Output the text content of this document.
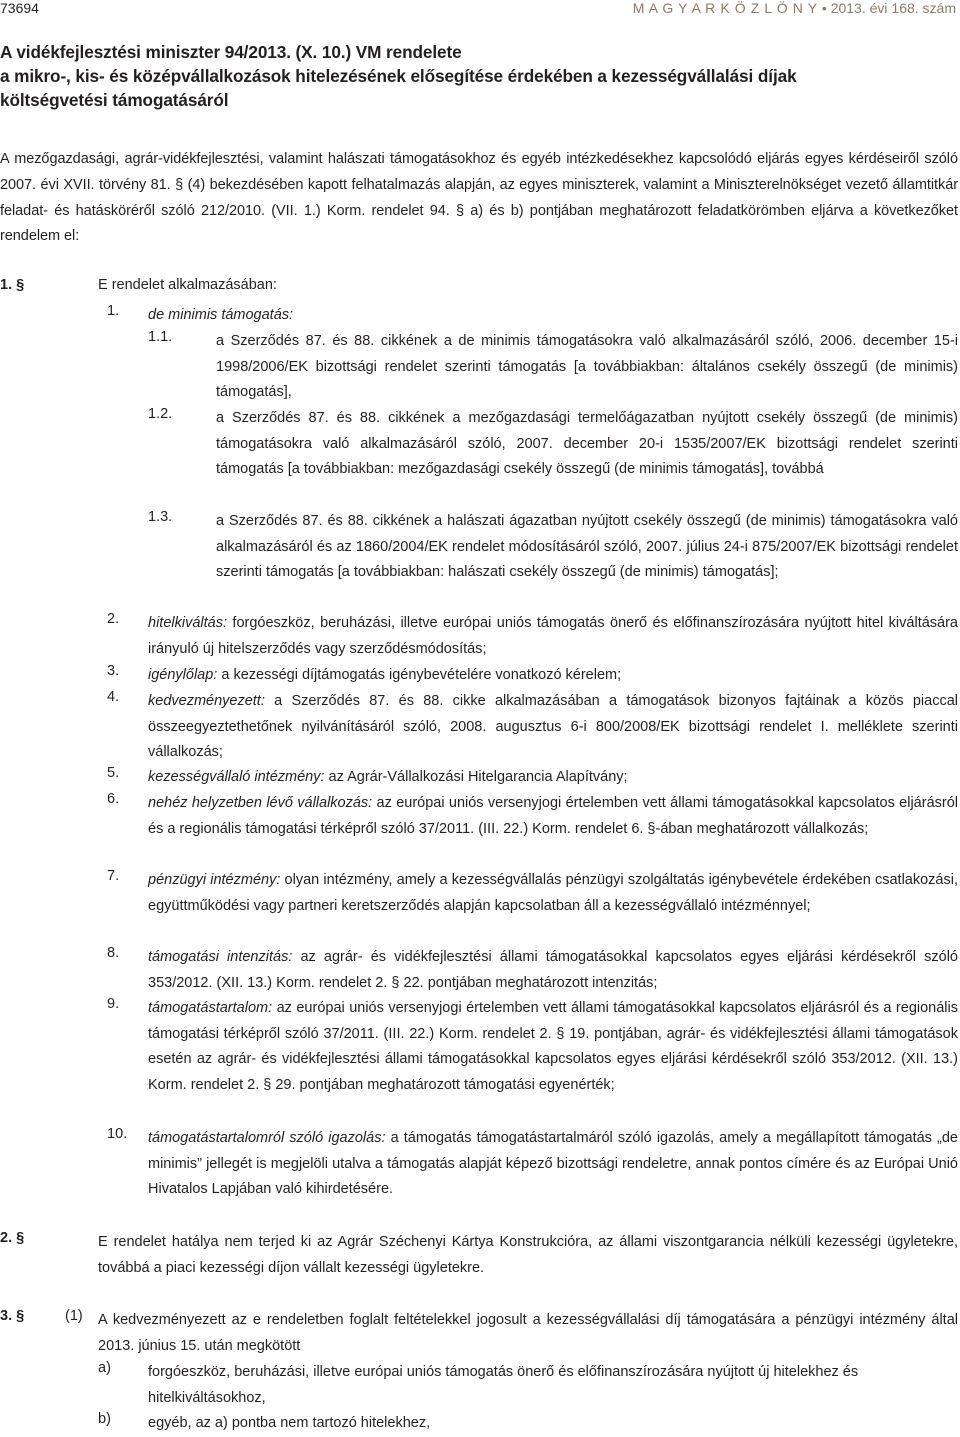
73694	M A G Y A R K Ö Z L Ö N Y • 2013. évi 168. szám
A vidékfejlesztési miniszter 94/2013. (X. 10.) VM rendelete
a mikro-, kis- és középvállalkozások hitelezésének elősegítése érdekében a kezességvállalási díjak
költségvetési támogatásáról
A mezőgazdasági, agrár-vidékfejlesztési, valamint halászati támogatásokhoz és egyéb intézkedésekhez kapcsolódó eljárás egyes kérdéseiről szóló 2007. évi XVII. törvény 81. § (4) bekezdésében kapott felhatalmazás alapján, az egyes miniszterek, valamint a Miniszterelnökséget vezető államtitkár feladat- és hatásköréről szóló 212/2010. (VII. 1.) Korm. rendelet 94. § a) és b) pontjában meghatározott feladatkörömben eljárva a következőket rendelem el:
1. §	E rendelet alkalmazásában:
1. de minimis támogatás:
1.1.	a Szerződés 87. és 88. cikkének a de minimis támogatásokra való alkalmazásáról szóló, 2006. december 15-i 1998/2006/EK bizottsági rendelet szerinti támogatás [a továbbiakban: általános csekély összegű (de minimis) támogatás],
1.2.	a Szerződés 87. és 88. cikkének a mezőgazdasági termelőágazatban nyújtott csekély összegű (de minimis) támogatásokra való alkalmazásáról szóló, 2007. december 20-i 1535/2007/EK bizottsági rendelet szerinti támogatás [a továbbiakban: mezőgazdasági csekély összegű (de minimis támogatás], továbbá
1.3.	a Szerződés 87. és 88. cikkének a halászati ágazatban nyújtott csekély összegű (de minimis) támogatásokra való alkalmazásáról és az 1860/2004/EK rendelet módosításáról szóló, 2007. július 24-i 875/2007/EK bizottsági rendelet szerinti támogatás [a továbbiakban: halászati csekély összegű (de minimis) támogatás];
2. hitelkiváltás: forgóeszköz, beruházási, illetve európai uniós támogatás önerő és előfinanszírozására nyújtott hitel kiváltására irányuló új hitelszerződés vagy szerződésmódosítás;
3. igénylőlap: a kezességi díjtámogatás igénybevételére vonatkozó kérelem;
4. kedvezményezett: a Szerződés 87. és 88. cikke alkalmazásában a támogatások bizonyos fajtáinak a közös piaccal összeegyeztethetőnek nyilvánításáról szóló, 2008. augusztus 6-i 800/2008/EK bizottsági rendelet I. melléklete szerinti vállalkozás;
5. kezességvállaló intézmény: az Agrár-Vállalkozási Hitelgarancia Alapítvány;
6. nehéz helyzetben lévő vállalkozás: az európai uniós versenyjogi értelemben vett állami támogatásokkal kapcsolatos eljárásról és a regionális támogatási térképről szóló 37/2011. (III. 22.) Korm. rendelet 6. §-ában meghatározott vállalkozás;
7. pénzügyi intézmény: olyan intézmény, amely a kezességvállalás pénzügyi szolgáltatás igénybevétele érdekében csatlakozási, együttműködési vagy partneri keretszerződés alapján kapcsolatban áll a kezességvállaló intézménnyel;
8. támogatási intenzitás: az agrár- és vidékfejlesztési állami támogatásokkal kapcsolatos egyes eljárási kérdésekről szóló 353/2012. (XII. 13.) Korm. rendelet 2. § 22. pontjában meghatározott intenzitás;
9. támogatástartalom: az európai uniós versenyjogi értelemben vett állami támogatásokkal kapcsolatos eljárásról és a regionális támogatási térképről szóló 37/2011. (III. 22.) Korm. rendelet 2. § 19. pontjában, agrár- és vidékfejlesztési állami támogatások esetén az agrár- és vidékfejlesztési állami támogatásokkal kapcsolatos egyes eljárási kérdésekről szóló 353/2012. (XII. 13.) Korm. rendelet 2. § 29. pontjában meghatározott támogatási egyenérték;
10. támogatástartalomról szóló igazolás: a támogatás támogatástartalmáról szóló igazolás, amely a megállapított támogatás „de minimis” jellegét is megjelöli utalva a támogatás alapját képező bizottsági rendeletre, annak pontos címére és az Európai Unió Hivatalos Lapjában való kihirdetésére.
2. §	E rendelet hatálya nem terjed ki az Agrár Széchenyi Kártya Konstrukcióra, az állami viszontgarancia nélküli kezességi ügyletekre, továbbá a piaci kezességi díjon vállalt kezességi ügyletekre.
3. §	(1) A kedvezményezett az e rendeletben foglalt feltételekkel jogosult a kezességvállalási díj támogatására a pénzügyi intézmény által 2013. június 15. után megkötött
a)	forgóeszköz, beruházási, illetve európai uniós támogatás önerő és előfinanszírozására nyújtott új hitelekhez és hitelkiváltásokhoz,
b)	egyéb, az a) pontba nem tartozó hitelekhez,
